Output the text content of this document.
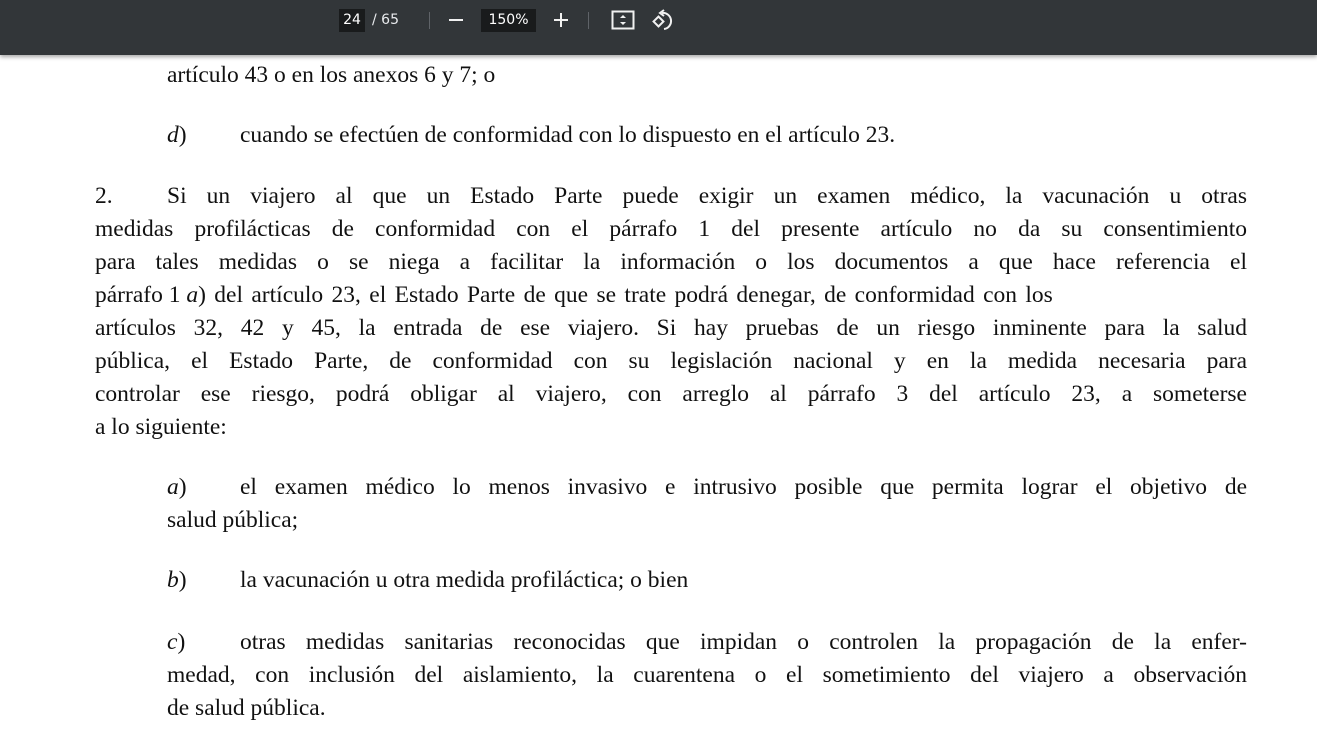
24
/ 65
150%
artículo 43 o en los anexos 6 y 7; o
d) cuando se efectúen de conformidad con lo dispuesto en el artículo 23.
2. Si un viajero al que un Estado Parte puede exigir un examen médico, la vacunación u otras
medidas profilácticas de conformidad con el párrafo 1 del presente artículo no da su consentimiento
para tales medidas o se niega a facilitar la información o los documentos a que hace referencia el
párrafo 1 a) del artículo 23, el Estado Parte de que se trate podrá denegar, de conformidad con los
artículos 32, 42 y 45, la entrada de ese viajero. Si hay pruebas de un riesgo inminente para la salud
pública, el Estado Parte, de conformidad con su legislación nacional y en la medida necesaria para
controlar ese riesgo, podrá obligar al viajero, con arreglo al párrafo 3 del artículo 23, a someterse
a lo siguiente:
a) el examen médico lo menos invasivo e intrusivo posible que permita lograr el objetivo de
salud pública;
b) la vacunación u otra medida profiláctica; o bien
c) otras medidas sanitarias reconocidas que impidan o controlen la propagación de la enfer-
medad, con inclusión del aislamiento, la cuarentena o el sometimiento del viajero a observación
de salud pública.
